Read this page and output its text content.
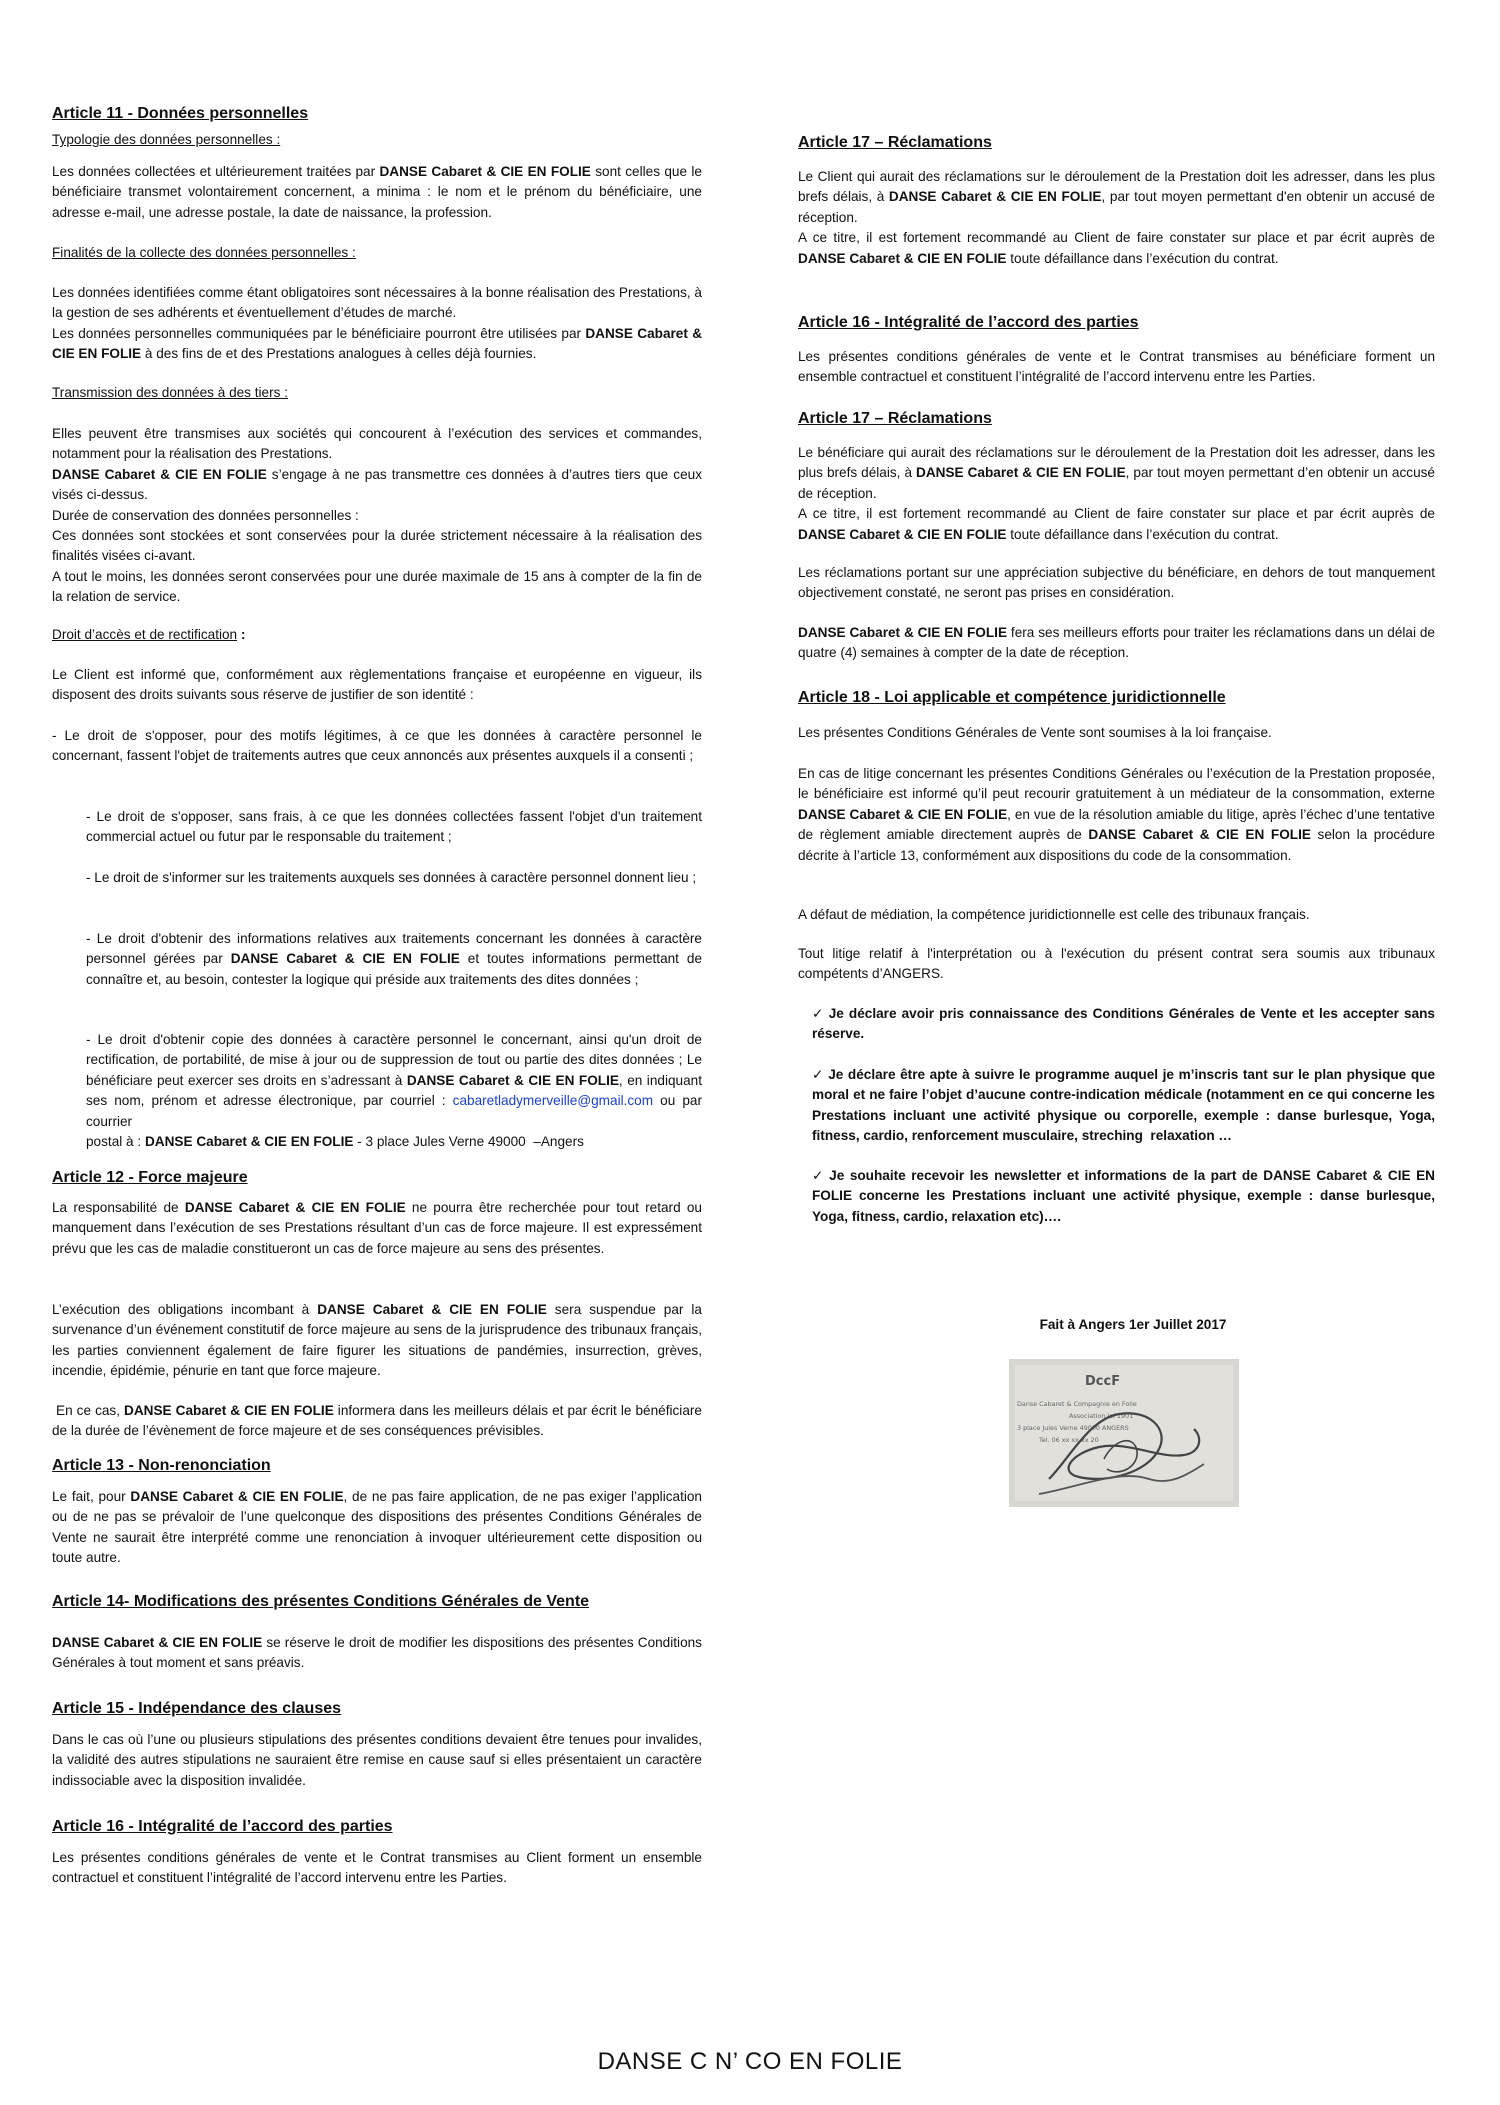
Article 11 - Données personnelles
Typologie des données personnelles :
Les données collectées et ultérieurement traitées par DANSE Cabaret & CIE EN FOLIE sont celles que le bénéficiaire transmet volontairement concernent, a minima : le nom et le prénom du bénéficiaire, une adresse e-mail, une adresse postale, la date de naissance, la profession.
Finalités de la collecte des données personnelles :
Les données identifiées comme étant obligatoires sont nécessaires à la bonne réalisation des Prestations, à la gestion de ses adhérents et éventuellement d’études de marché.
Les données personnelles communiquées par le bénéficiaire pourront être utilisées par DANSE Cabaret & CIE EN FOLIE à des fins de et des Prestations analogues à celles déjà fournies.
Transmission des données à des tiers :
Elles peuvent être transmises aux sociétés qui concourent à l’exécution des services et commandes, notamment pour la réalisation des Prestations.
DANSE Cabaret & CIE EN FOLIE s’engage à ne pas transmettre ces données à d’autres tiers que ceux visés ci-dessus.
Durée de conservation des données personnelles :
Ces données sont stockées et sont conservées pour la durée strictement nécessaire à la réalisation des finalités visées ci-avant.
A tout le moins, les données seront conservées pour une durée maximale de 15 ans à compter de la fin de la relation de service.
Droit d’accès et de rectification :
Le Client est informé que, conformément aux règlementations française et européenne en vigueur, ils disposent des droits suivants sous réserve de justifier de son identité :
- Le droit de s'opposer, pour des motifs légitimes, à ce que les données à caractère personnel le concernant, fassent l'objet de traitements autres que ceux annoncés aux présentes auxquels il a consenti ;
- Le droit de s'opposer, sans frais, à ce que les données collectées fassent l'objet d'un traitement commercial actuel ou futur par le responsable du traitement ;
- Le droit de s'informer sur les traitements auxquels ses données à caractère personnel donnent lieu ;
- Le droit d'obtenir des informations relatives aux traitements concernant les données à caractère personnel gérées par DANSE Cabaret & CIE EN FOLIE et toutes informations permettant de connaître et, au besoin, contester la logique qui préside aux traitements des dites données ;
- Le droit d'obtenir copie des données à caractère personnel le concernant, ainsi qu'un droit de rectification, de portabilité, de mise à jour ou de suppression de tout ou partie des dites données ; Le bénéficiare peut exercer ses droits en s’adressant à DANSE Cabaret & CIE EN FOLIE, en indiquant ses nom, prénom et adresse électronique, par courriel : cabaretladymerveille@gmail.com ou par courrier
postal à : DANSE Cabaret & CIE EN FOLIE - 3 place Jules Verne 49000  –Angers
Article 12 - Force majeure
La responsabilité de DANSE Cabaret & CIE EN FOLIE ne pourra être recherchée pour tout retard ou manquement dans l’exécution de ses Prestations résultant d’un cas de force majeure. Il est expressément prévu que les cas de maladie constitueront un cas de force majeure au sens des présentes.
L’exécution des obligations incombant à DANSE Cabaret & CIE EN FOLIE sera suspendue par la survenance d’un événement constitutif de force majeure au sens de la jurisprudence des tribunaux français, les parties conviennent également de faire figurer les situations de pandémies, insurrection, grèves, incendie, épidémie, pénurie en tant que force majeure.
En ce cas, DANSE Cabaret & CIE EN FOLIE informera dans les meilleurs délais et par écrit le bénéficiare de la durée de l’évènement de force majeure et de ses conséquences prévisibles.
Article 13 - Non-renonciation
Le fait, pour DANSE Cabaret & CIE EN FOLIE, de ne pas faire application, de ne pas exiger l’application ou de ne pas se prévaloir de l’une quelconque des dispositions des présentes Conditions Générales de Vente ne saurait être interprété comme une renonciation à invoquer ultérieurement cette disposition ou toute autre.
Article 14- Modifications des présentes Conditions Générales de Vente
DANSE Cabaret & CIE EN FOLIE se réserve le droit de modifier les dispositions des présentes Conditions Générales à tout moment et sans préavis.
Article 15 - Indépendance des clauses
Dans le cas où l’une ou plusieurs stipulations des présentes conditions devaient être tenues pour invalides, la validité des autres stipulations ne sauraient être remise en cause sauf si elles présentaient un caractère indissociable avec la disposition invalidée.
Article 16 - Intégralité de l’accord des parties
Les présentes conditions générales de vente et le Contrat transmises au Client forment un ensemble contractuel et constituent l’intégralité de l’accord intervenu entre les Parties.
Article 17 – Réclamations
Le Client qui aurait des réclamations sur le déroulement de la Prestation doit les adresser, dans les plus brefs délais, à DANSE Cabaret & CIE EN FOLIE, par tout moyen permettant d'en obtenir un accusé de réception.
A ce titre, il est fortement recommandé au Client de faire constater sur place et par écrit auprès de DANSE Cabaret & CIE EN FOLIE toute défaillance dans l’exécution du contrat.
Article 16 - Intégralité de l’accord des parties
Les présentes conditions générales de vente et le Contrat transmises au bénéficiare forment un ensemble contractuel et constituent l’intégralité de l’accord intervenu entre les Parties.
Article 17 – Réclamations
Le bénéficiare qui aurait des réclamations sur le déroulement de la Prestation doit les adresser, dans les plus brefs délais, à DANSE Cabaret & CIE EN FOLIE, par tout moyen permettant d’en obtenir un accusé de réception.
A ce titre, il est fortement recommandé au Client de faire constater sur place et par écrit auprès de DANSE Cabaret & CIE EN FOLIE toute défaillance dans l’exécution du contrat.
Les réclamations portant sur une appréciation subjective du bénéficiare, en dehors de tout manquement objectivement constaté, ne seront pas prises en considération.
DANSE Cabaret & CIE EN FOLIE fera ses meilleurs efforts pour traiter les réclamations dans un délai de quatre (4) semaines à compter de la date de réception.
Article 18 - Loi applicable et compétence juridictionnelle
Les présentes Conditions Générales de Vente sont soumises à la loi française.
En cas de litige concernant les présentes Conditions Générales ou l’exécution de la Prestation proposée, le bénéficiaire est informé qu’il peut recourir gratuitement à un médiateur de la consommation, externe DANSE Cabaret & CIE EN FOLIE, en vue de la résolution amiable du litige, après l’échec d’une tentative de règlement amiable directement auprès de DANSE Cabaret & CIE EN FOLIE selon la procédure décrite à l’article 13, conformément aux dispositions du code de la consommation.
A défaut de médiation, la compétence juridictionnelle est celle des tribunaux français.
Tout litige relatif à l'interprétation ou à l'exécution du présent contrat sera soumis aux tribunaux compétents d’ANGERS.
✓ Je déclare avoir pris connaissance des Conditions Générales de Vente et les accepter sans réserve.
✓ Je déclare être apte à suivre le programme auquel je m’inscris tant sur le plan physique que moral et ne faire l’objet d’aucune contre-indication médicale (notamment en ce qui concerne les Prestations incluant une activité physique ou corporelle, exemple : danse burlesque, Yoga, fitness, cardio, renforcement musculaire, streching  relaxation …
✓ Je souhaite recevoir les newsletter et informations de la part de DANSE Cabaret & CIE EN FOLIE concerne les Prestations incluant une activité physique, exemple : danse burlesque, Yoga, fitness, cardio, relaxation etc)….
Fait à Angers 1er Juillet 2017
DccF
Danse Cabaret & Compagnie en Folie
Association loi 1901
3 place Jules Verne 49000 ANGERS
Tel. 06 xx xx xx 20
DANSE C N’ CO EN FOLIE
